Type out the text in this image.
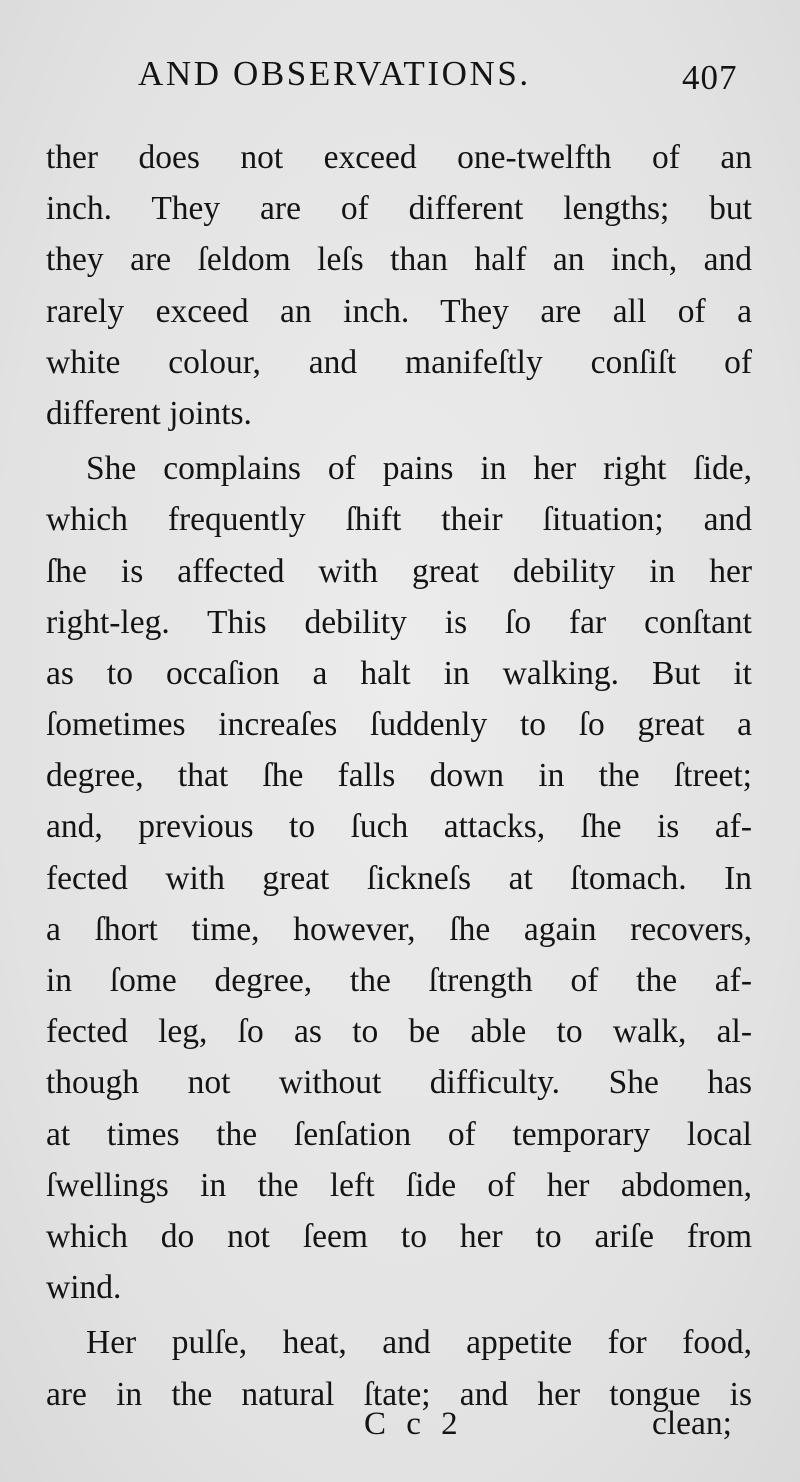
AND OBSERVATIONS.	407
ther does not exceed one-twelfth of an
inch. They are of different lengths; but
they are ſeldom leſs than half an inch, and
rarely exceed an inch. They are all of a
white colour, and manifeſtly conſiſt of
different joints.
She complains of pains in her right ſide,
which frequently ſhift their ſituation; and
ſhe is affected with great debility in her
right-leg. This debility is ſo far conſtant
as to occaſion a halt in walking. But it
ſometimes increaſes ſuddenly to ſo great a
degree, that ſhe falls down in the ſtreet;
and, previous to ſuch attacks, ſhe is af-
fected with great ſickneſs at ſtomach. In
a ſhort time, however, ſhe again recovers,
in ſome degree, the ſtrength of the af-
fected leg, ſo as to be able to walk, al-
though not without difficulty. She has
at times the ſenſation of temporary local
ſwellings in the left ſide of her abdomen,
which do not ſeem to her to ariſe from
wind.
Her pulſe, heat, and appetite for food,
are in the natural ſtate; and her tongue is
C c 2	clean;
